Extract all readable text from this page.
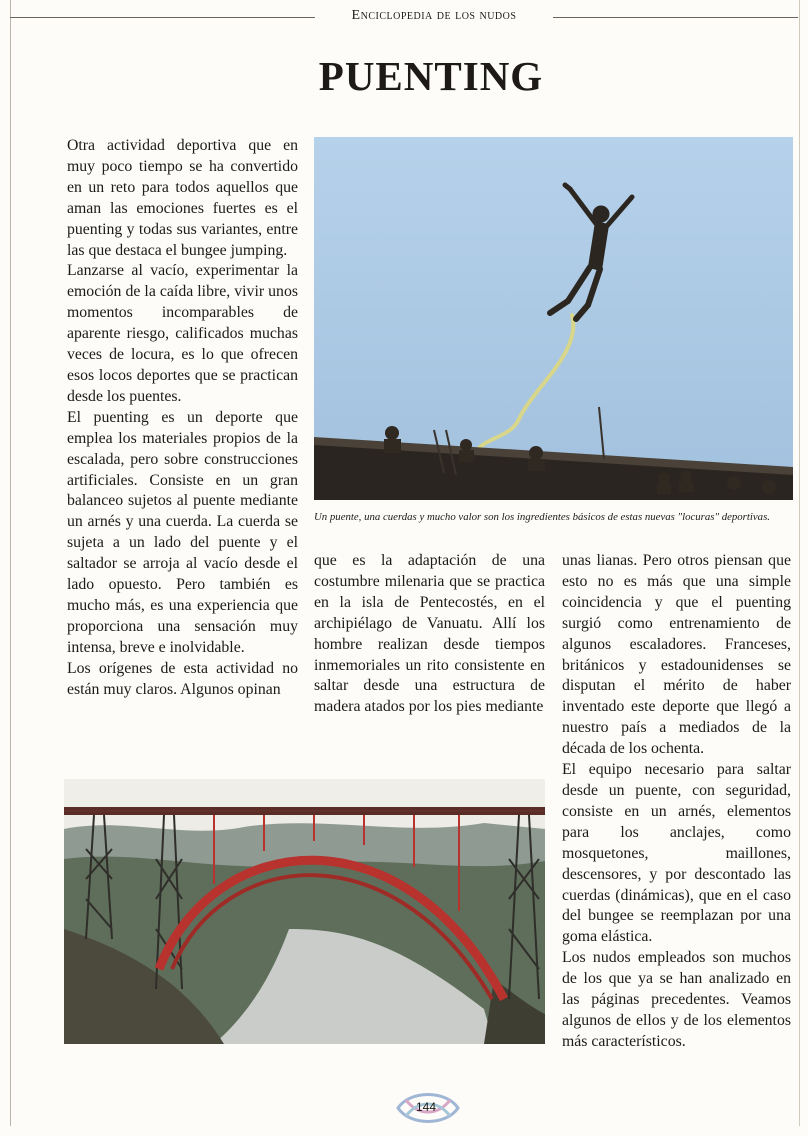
Enciclopedia de los nudos
PUENTING

Otra actividad deportiva que en muy poco tiempo se ha convertido en un reto para todos aquellos que aman las emociones fuertes es el puenting y todas sus variantes, entre las que destaca el bungee jumping.

Lanzarse al vacío, experimentar la emoción de la caída libre, vivir unos momentos incomparables de aparente riesgo, calificados muchas veces de locura, es lo que ofrecen esos locos deportes que se practican desde los puentes.

El puenting es un deporte que emplea los materiales propios de la escalada, pero sobre construcciones artificiales. Consiste en un gran balanceo sujetos al puente mediante un arnés y una cuerda. La cuerda se sujeta a un lado del puente y el saltador se arroja al vacío desde el lado opuesto. Pero también es mucho más, es una experiencia que proporciona una sensación muy intensa, breve e inolvidable.

Los orígenes de esta actividad no están muy claros. Algunos opinan

Un puente, una cuerdas y mucho valor son los ingredientes básicos de estas nuevas "locuras" deportivas.

que es la adaptación de una costumbre milenaria que se practica en la isla de Pentecostés, en el archipiélago de Vanuatu. Allí los hombre realizan desde tiempos inmemoriales un rito consistente en saltar desde una estructura de madera atados por los pies mediante

unas lianas. Pero otros piensan que esto no es más que una simple coincidencia y que el puenting surgió como entrenamiento de algunos escaladores. Franceses, británicos y estadounidenses se disputan el mérito de haber inventado este deporte que llegó a nuestro país a mediados de la década de los ochenta.

El equipo necesario para saltar desde un puente, con seguridad, consiste en un arnés, elementos para los anclajes, como mosquetones, maillones, descensores, y por descontado las cuerdas (dinámicas), que en el caso del bungee se reemplazan por una goma elástica.

Los nudos empleados son muchos de los que ya se han analizado en las páginas precedentes. Veamos algunos de ellos y de los elementos más característicos.

144
